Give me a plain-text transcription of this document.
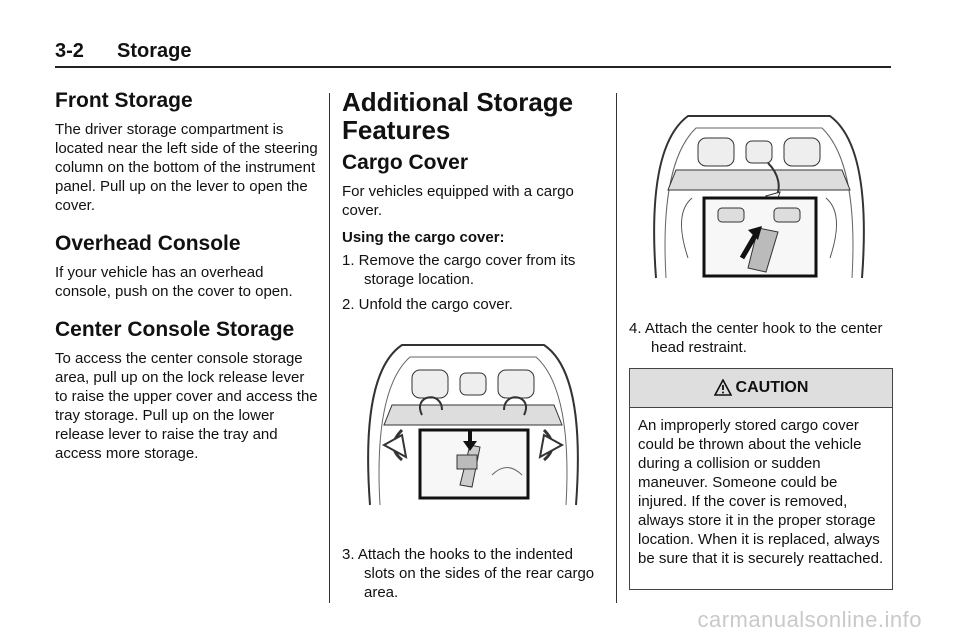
3-2 Storage
Front Storage

The driver storage compartment is located near the left side of the steering column on the bottom of the instrument panel. Pull up on the lever to open the cover.

Overhead Console

If your vehicle has an overhead console, push on the cover to open.

Center Console Storage

To access the center console storage area, pull up on the lock release lever to raise the upper cover and access the tray storage. Pull up on the lower release lever to raise the tray and access more storage.

Additional Storage Features
Cargo Cover

For vehicles equipped with a cargo cover.

Using the cargo cover:

1. Remove the cargo cover from its storage location.
2. Unfold the cargo cover.
3. Attach the hooks to the indented slots on the sides of the rear cargo area.
4. Attach the center hook to the center head restraint.
CAUTION
An improperly stored cargo cover could be thrown about the vehicle during a collision or sudden maneuver. Someone could be injured. If the cover is removed, always store it in the proper storage location. When it is replaced, always be sure that it is securely reattached.
carmanualsonline.info
